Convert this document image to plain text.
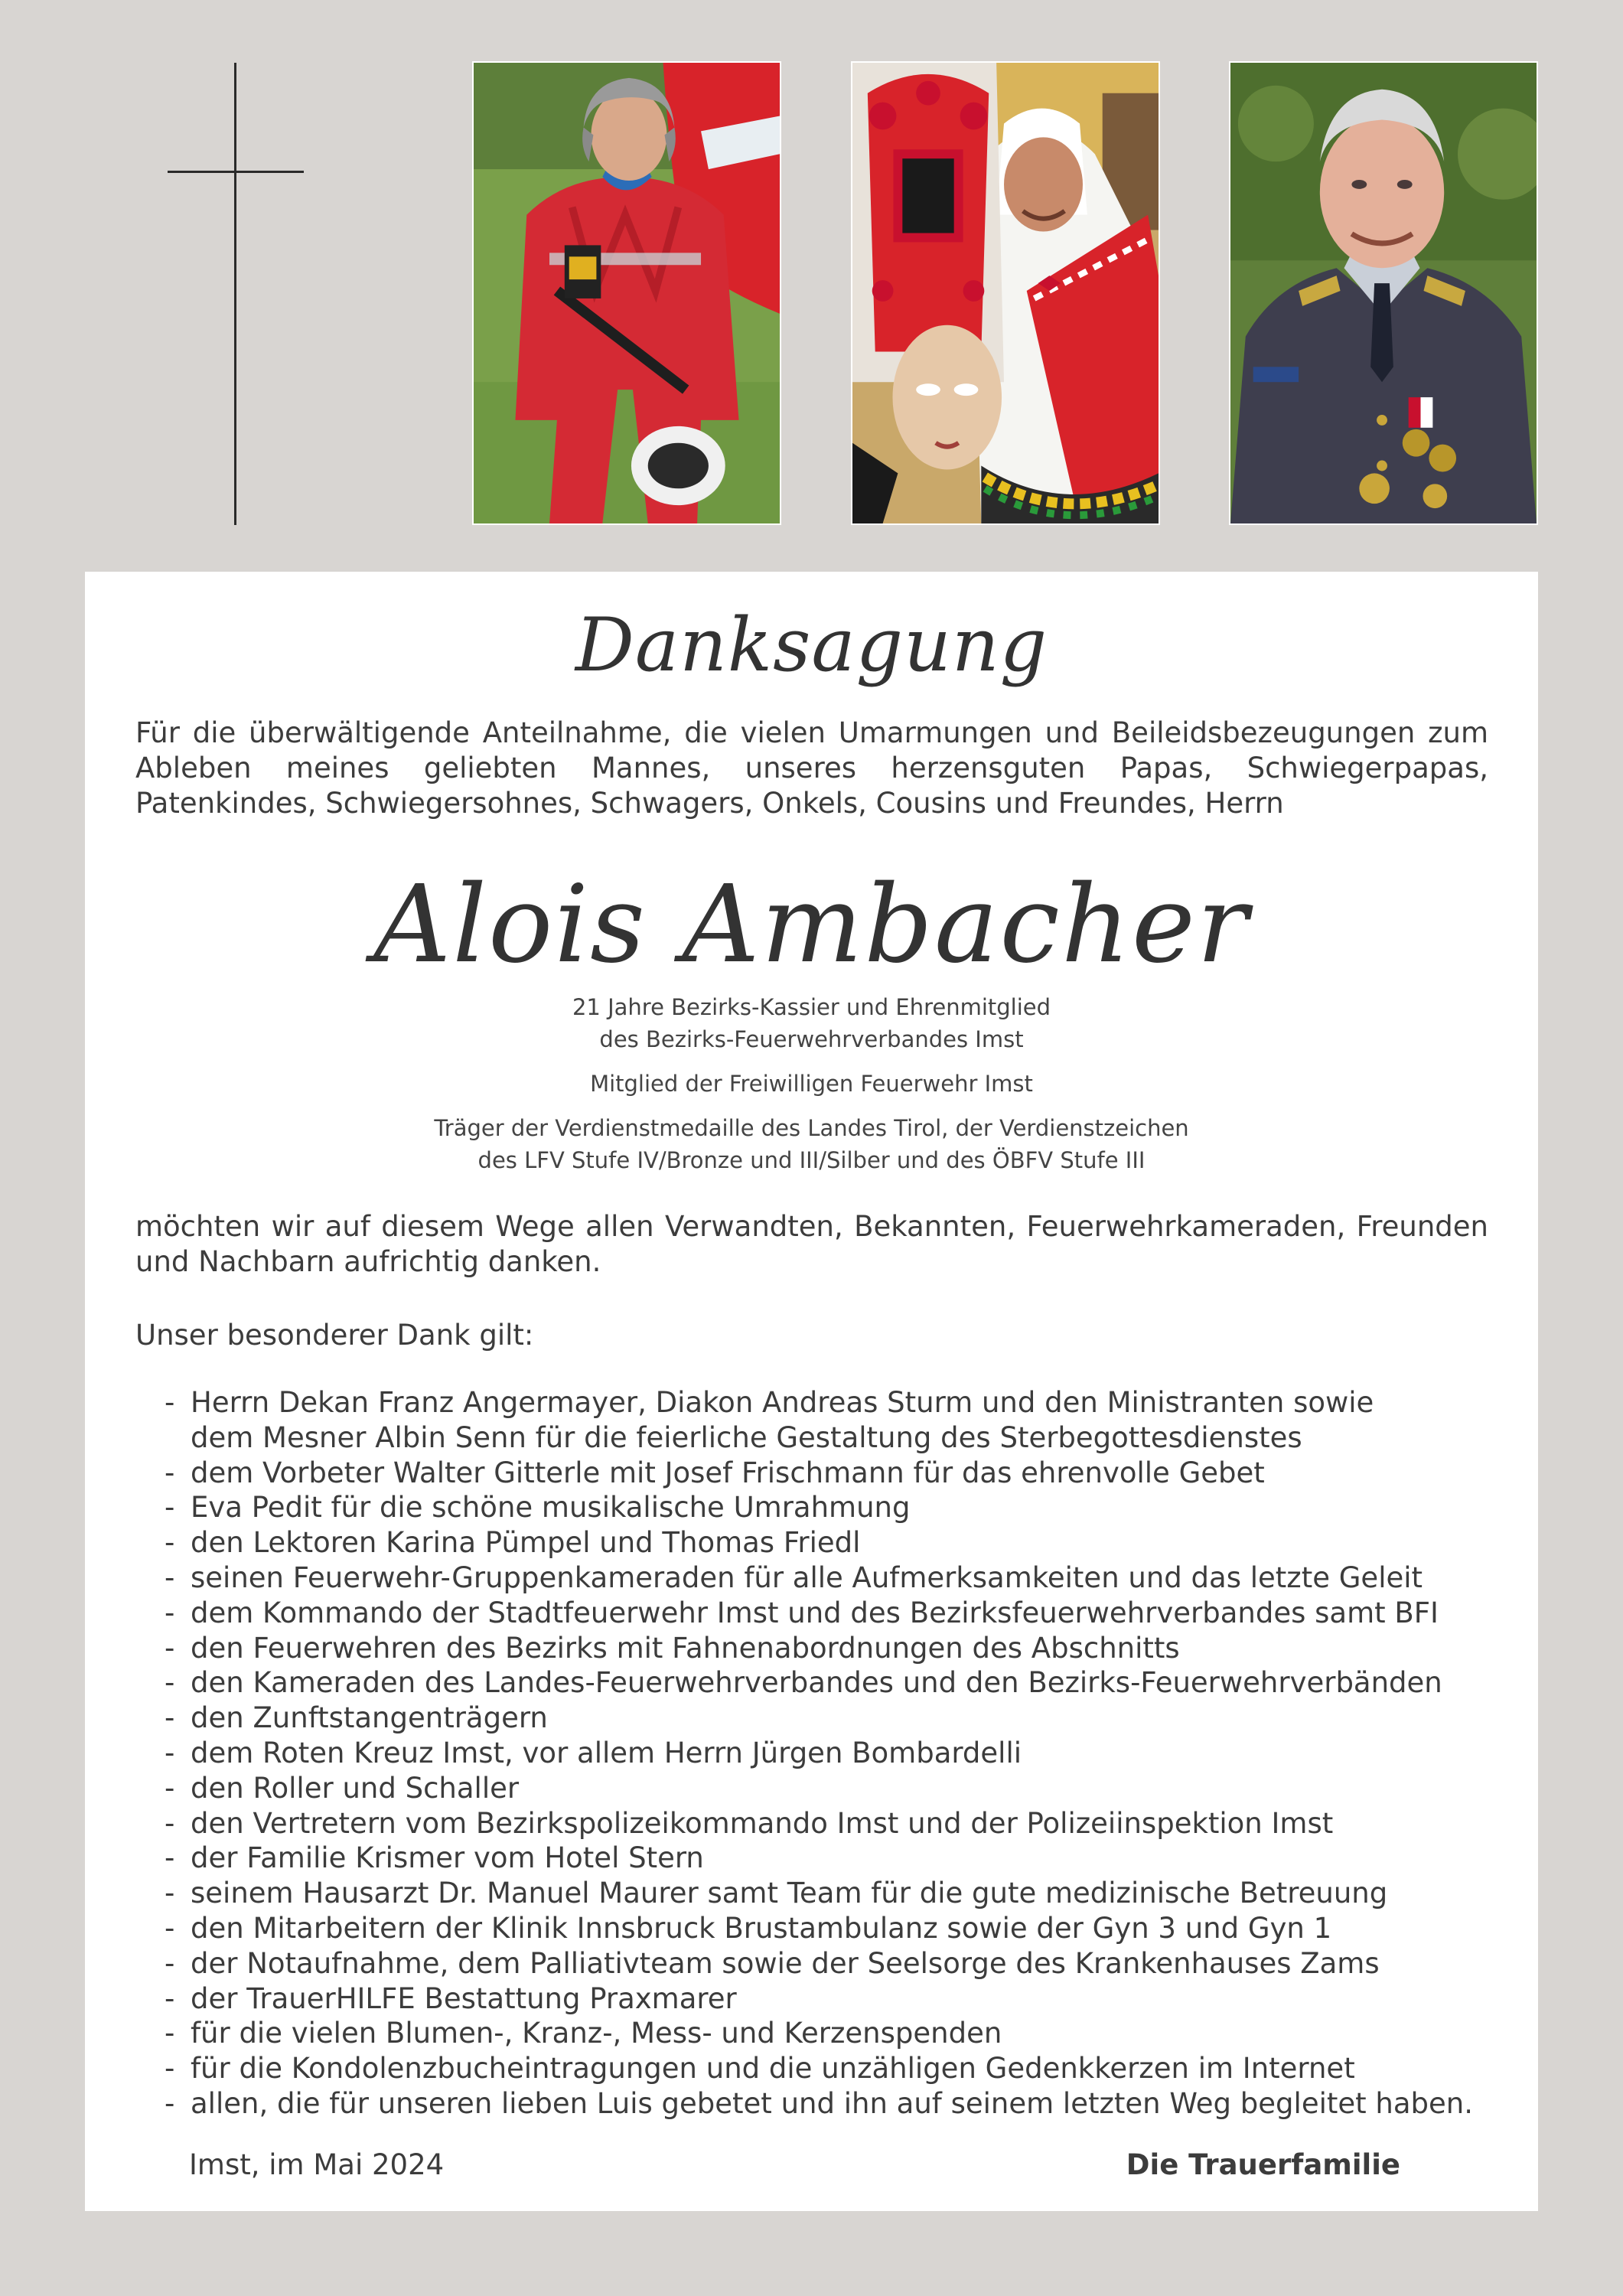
Danksagung
Für die überwältigende Anteilnahme, die vielen Umarmungen und Beileidsbezeugungen zum Ableben meines geliebten Mannes, unseres herzensguten Papas, Schwiegerpapas, Patenkindes, Schwiegersohnes, Schwagers, Onkels, Cousins und Freundes, Herrn
Alois Ambacher

21 Jahre Bezirks-Kassier und Ehrenmitglied
des Bezirks-Feuerwehrverbandes Imst

Mitglied der Freiwilligen Feuerwehr Imst

Träger der Verdienstmedaille des Landes Tirol, der Verdienstzeichen
des LFV Stufe IV/Bronze und III/Silber und des ÖBFV Stufe III

möchten wir auf diesem Wege allen Verwandten, Bekannten, Feuerwehrkameraden, Freunden und Nachbarn aufrichtig danken.
Unser besonderer Dank gilt:
- Herrn Dekan Franz Angermayer, Diakon Andreas Sturm und den Ministranten sowie
dem Mesner Albin Senn für die feierliche Gestaltung des Sterbegottesdienstes
- dem Vorbeter Walter Gitterle mit Josef Frischmann für das ehrenvolle Gebet
- Eva Pedit für die schöne musikalische Umrahmung
- den Lektoren Karina Pümpel und Thomas Friedl
- seinen Feuerwehr-Gruppenkameraden für alle Aufmerksamkeiten und das letzte Geleit
- dem Kommando der Stadtfeuerwehr Imst und des Bezirksfeuerwehrverbandes samt BFI
- den Feuerwehren des Bezirks mit Fahnenabordnungen des Abschnitts
- den Kameraden des Landes-Feuerwehrverbandes und den Bezirks-Feuerwehrverbänden
- den Zunftstangenträgern
- dem Roten Kreuz Imst, vor allem Herrn Jürgen Bombardelli
- den Roller und Schaller
- den Vertretern vom Bezirkspolizeikommando Imst und der Polizeiinspektion Imst
- der Familie Krismer vom Hotel Stern
- seinem Hausarzt Dr. Manuel Maurer samt Team für die gute medizinische Betreuung
- den Mitarbeitern der Klinik Innsbruck Brustambulanz sowie der Gyn 3 und Gyn 1
- der Notaufnahme, dem Palliativteam sowie der Seelsorge des Krankenhauses Zams
- der TrauerHILFE Bestattung Praxmarer
- für die vielen Blumen-, Kranz-, Mess- und Kerzenspenden
- für die Kondolenzbucheintragungen und die unzähligen Gedenkkerzen im Internet
- allen, die für unseren lieben Luis gebetet und ihn auf seinem letzten Weg begleitet haben.
Imst, im Mai 2024	Die Trauerfamilie
